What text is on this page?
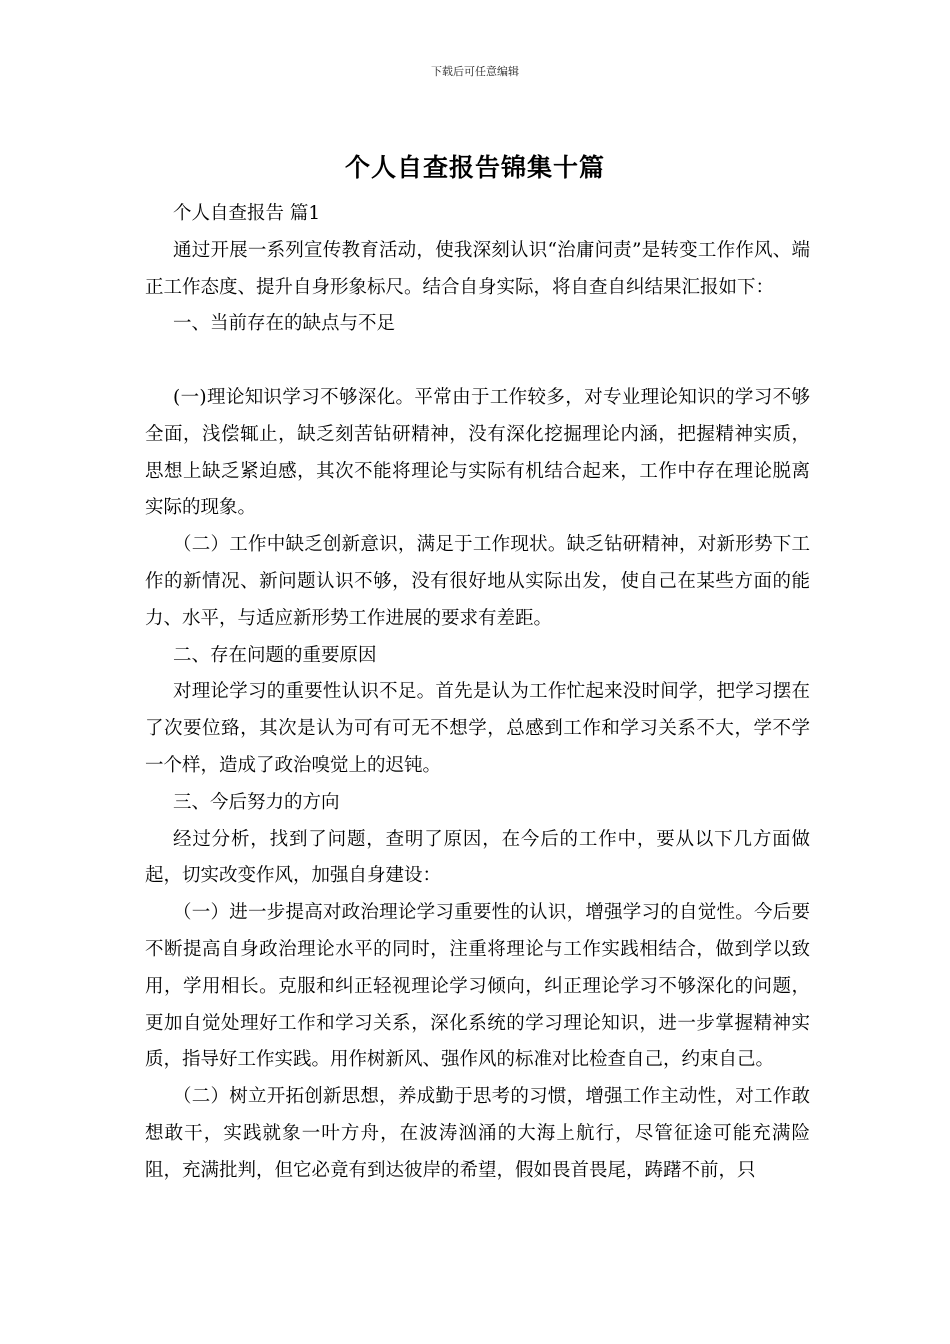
下载后可任意编辑
个人自查报告锦集十篇

个人自查报告 篇1

通过开展一系列宣传教育活动，使我深刻认识“治庸问责”是转变工作作风、端正工作态度、提升自身形象标尺。结合自身实际，将自查自纠结果汇报如下：

一、当前存在的缺点与不足

(一)理论知识学习不够深化。平常由于工作较多，对专业理论知识的学习不够全面，浅偿辄止，缺乏刻苦钻研精神，没有深化挖掘理论内涵，把握精神实质，思想上缺乏紧迫感，其次不能将理论与实际有机结合起来，工作中存在理论脱离实际的现象。

（二）工作中缺乏创新意识，满足于工作现状。缺乏钻研精神，对新形势下工作的新情况、新问题认识不够，没有很好地从实际出发，使自己在某些方面的能力、水平，与适应新形势工作进展的要求有差距。

二、存在问题的重要原因

对理论学习的重要性认识不足。首先是认为工作忙起来没时间学，把学习摆在了次要位臵，其次是认为可有可无不想学，总感到工作和学习关系不大，学不学一个样，造成了政治嗅觉上的迟钝。

三、今后努力的方向

经过分析，找到了问题，查明了原因，在今后的工作中，要从以下几方面做起，切实改变作风，加强自身建设：

（一）进一步提高对政治理论学习重要性的认识，增强学习的自觉性。今后要不断提高自身政治理论水平的同时，注重将理论与工作实践相结合，做到学以致用，学用相长。克服和纠正轻视理论学习倾向，纠正理论学习不够深化的问题，更加自觉处理好工作和学习关系，深化系统的学习理论知识，进一步掌握精神实质，指导好工作实践。用作树新风、强作风的标准对比检查自己，约束自己。

（二）树立开拓创新思想，养成勤于思考的习惯，增强工作主动性，对工作敢想敢干，实践就象一叶方舟，在波涛汹涌的大海上航行，尽管征途可能充满险阻，充满批判，但它必竟有到达彼岸的希望，假如畏首畏尾，踌躇不前，只
